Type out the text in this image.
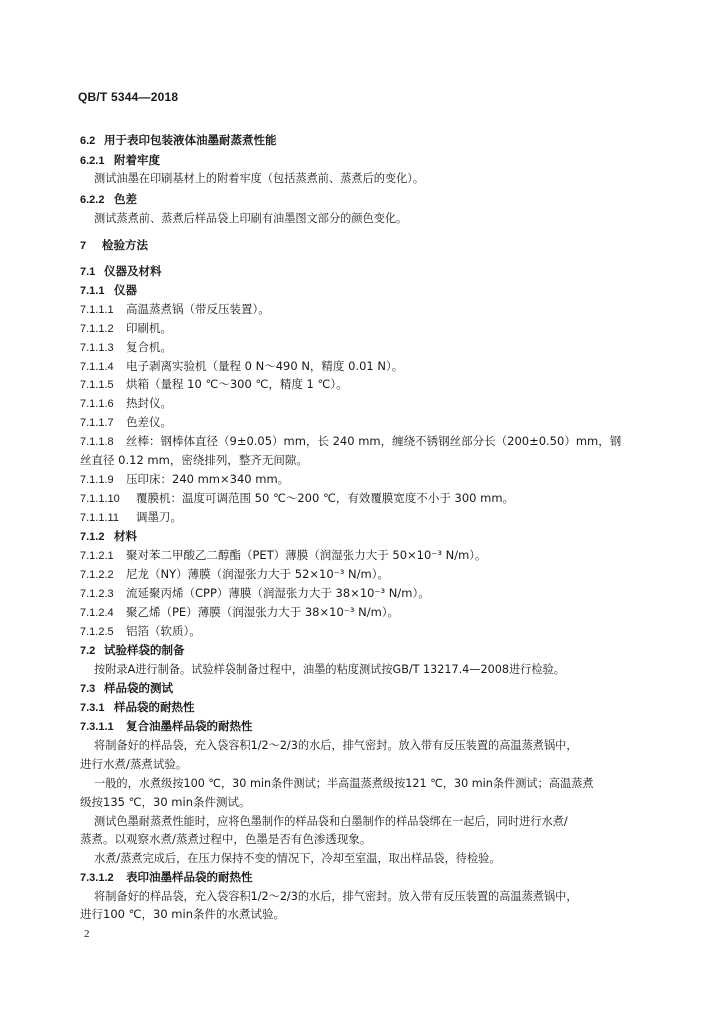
QB/T 5344—2018
6.2 用于表印包装液体油墨耐蒸煮性能
6.2.1 附着牢度
测试油墨在印刷基材上的附着牢度（包括蒸煮前、蒸煮后的变化）。
6.2.2 色差
测试蒸煮前、蒸煮后样品袋上印刷有油墨图文部分的颜色变化。
7 检验方法
7.1 仪器及材料
7.1.1 仪器
7.1.1.1 高温蒸煮锅（带反压装置）。
7.1.1.2 印刷机。
7.1.1.3 复合机。
7.1.1.4 电子剥离实验机（量程 0 N～490 N，精度 0.01 N）。
7.1.1.5 烘箱（量程 10 ℃～300 ℃，精度 1 ℃）。
7.1.1.6 热封仪。
7.1.1.7 色差仪。
7.1.1.8 丝棒：钢棒体直径（9±0.05）mm，长 240 mm，缠绕不锈钢丝部分长（200±0.50）mm，钢
丝直径 0.12 mm，密绕排列，整齐无间隙。
7.1.1.9 压印床：240 mm×340 mm。
7.1.1.10 覆膜机：温度可调范围 50 ℃～200 ℃，有效覆膜宽度不小于 300 mm。
7.1.1.11 调墨刀。
7.1.2 材料
7.1.2.1 聚对苯二甲酸乙二醇酯（PET）薄膜（润湿张力大于 50×10⁻³ N/m）。
7.1.2.2 尼龙（NY）薄膜（润湿张力大于 52×10⁻³ N/m）。
7.1.2.3 流延聚丙烯（CPP）薄膜（润湿张力大于 38×10⁻³ N/m）。
7.1.2.4 聚乙烯（PE）薄膜（润湿张力大于 38×10⁻³ N/m）。
7.1.2.5 铝箔（软质）。
7.2 试验样袋的制备
按附录A进行制备。试验样袋制备过程中，油墨的粘度测试按GB/T 13217.4—2008进行检验。
7.3 样品袋的测试
7.3.1 样品袋的耐热性
7.3.1.1 复合油墨样品袋的耐热性
将制备好的样品袋，充入袋容积1/2～2/3的水后，排气密封。放入带有反压装置的高温蒸煮锅中，
进行水煮/蒸煮试验。
一般的，水煮级按100 ℃，30 min条件测试；半高温蒸煮级按121 ℃，30 min条件测试；高温蒸煮
级按135 ℃，30 min条件测试。
测试色墨耐蒸煮性能时，应将色墨制作的样品袋和白墨制作的样品袋绑在一起后，同时进行水煮/
蒸煮。以观察水煮/蒸煮过程中，色墨是否有色渗透现象。
水煮/蒸煮完成后，在压力保持不变的情况下，冷却至室温，取出样品袋，待检验。
7.3.1.2 表印油墨样品袋的耐热性
将制备好的样品袋，充入袋容积1/2～2/3的水后，排气密封。放入带有反压装置的高温蒸煮锅中，
进行100 ℃，30 min条件的水煮试验。
2
